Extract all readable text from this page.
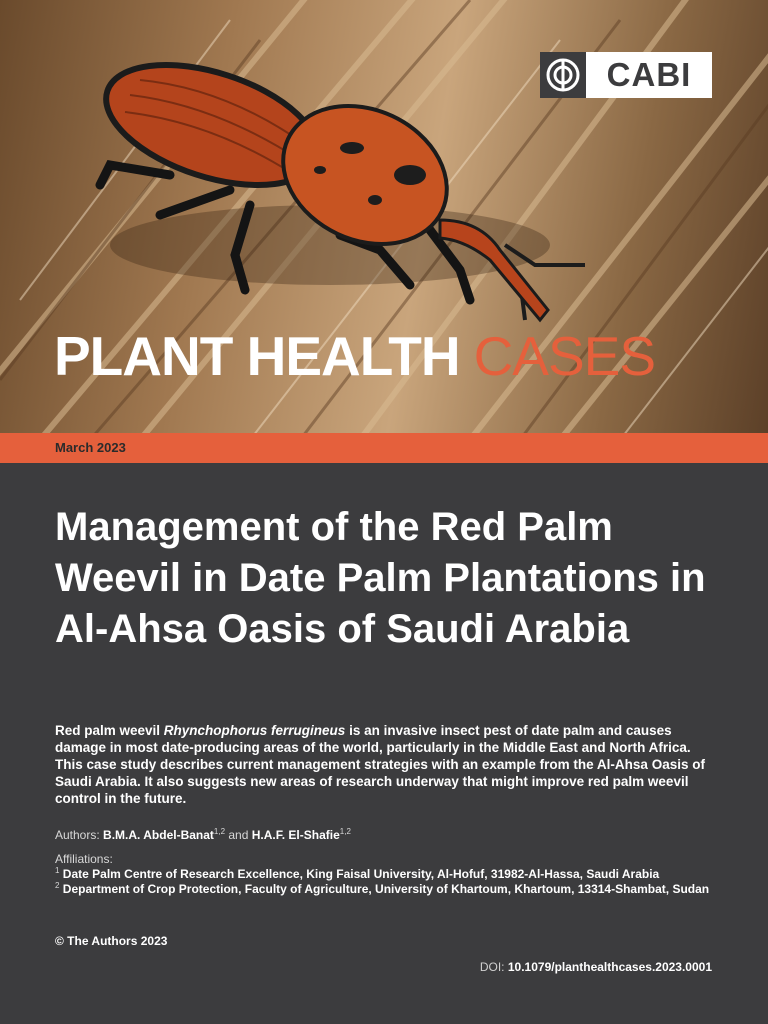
CABI
PLANT HEALTH CASES
March 2023
Management of the Red Palm Weevil in Date Palm Plantations in Al-Ahsa Oasis of Saudi Arabia
Red palm weevil Rhynchophorus ferrugineus is an invasive insect pest of date palm and causes damage in most date-producing areas of the world, particularly in the Middle East and North Africa. This case study describes current management strategies with an example from the Al-Ahsa Oasis of Saudi Arabia. It also suggests new areas of research underway that might improve red palm weevil control in the future.
Authors: B.M.A. Abdel-Banat$^{1,2}$ and H.A.F. El-Shafie$^{1,2}$
Affiliations:
$^1$ Date Palm Centre of Research Excellence, King Faisal University, Al-Hofuf, 31982-Al-Hassa, Saudi Arabia
$^2$ Department of Crop Protection, Faculty of Agriculture, University of Khartoum, Khartoum, 13314-Shambat, Sudan
© The Authors 2023
DOI: 10.1079/planthealthcases.2023.0001
